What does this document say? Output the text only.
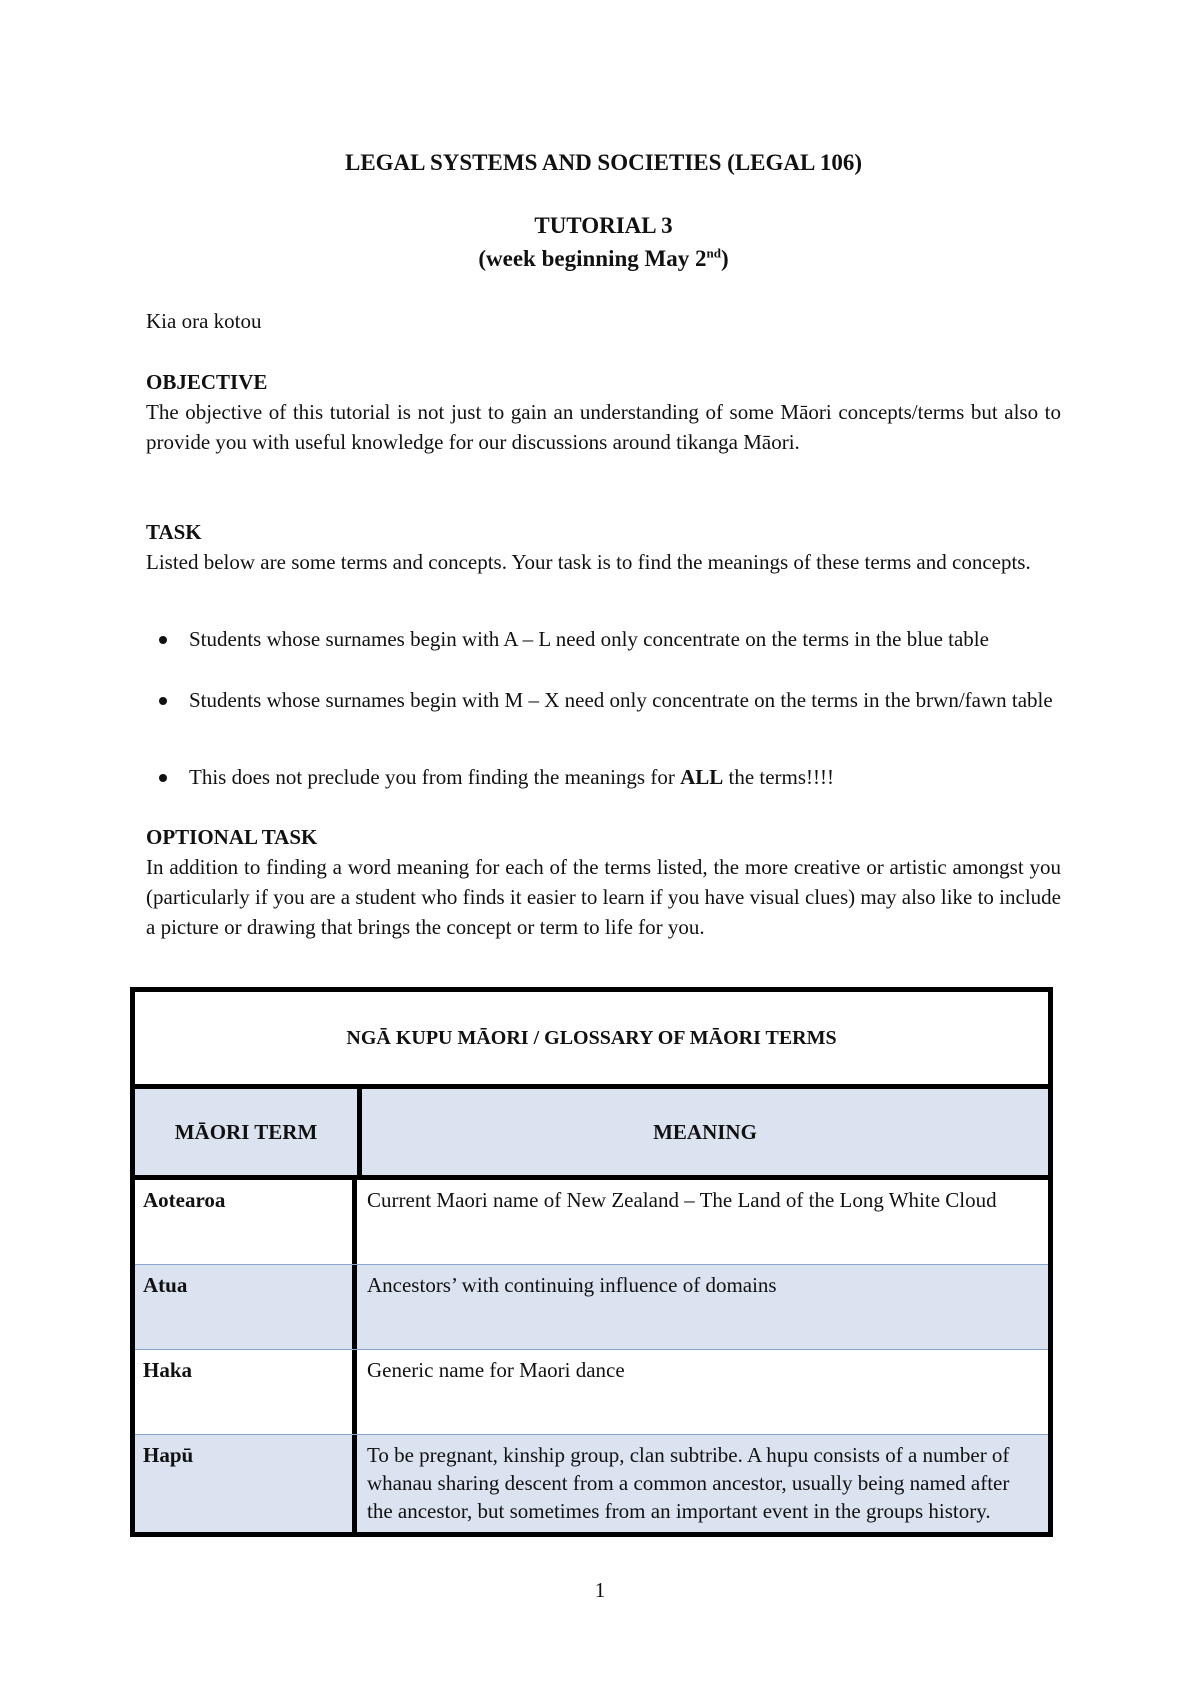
LEGAL SYSTEMS AND SOCIETIES (LEGAL 106)
TUTORIAL 3
(week beginning May 2nd)

Kia ora kotou

OBJECTIVE

The objective of this tutorial is not just to gain an understanding of some Māori concepts/terms but also to provide you with useful knowledge for our discussions around tikanga Māori.

TASK

Listed below are some terms and concepts. Your task is to find the meanings of these terms and concepts.

Students whose surnames begin with A – L need only concentrate on the terms in the blue table
Students whose surnames begin with M – X need only concentrate on the terms in the brwn/fawn table
This does not preclude you from finding the meanings for ALL the terms!!!!

OPTIONAL TASK

In addition to finding a word meaning for each of the terms listed, the more creative or artistic amongst you (particularly if you are a student who finds it easier to learn if you have visual clues) may also like to include a picture or drawing that brings the concept or term to life for you.

NGĀ KUPU MĀORI / GLOSSARY OF MĀORI TERMS
MĀORI TERM	MEANING
Aotearoa	Current Maori name of New Zealand – The Land of the Long White Cloud
Atua	Ancestors’ with continuing influence of domains
Haka	Generic name for Maori dance
Hapū	To be pregnant, kinship group, clan subtribe. A hupu consists of a number of whanau sharing descent from a common ancestor, usually being named after the ancestor, but sometimes from an important event in the groups history.
1
